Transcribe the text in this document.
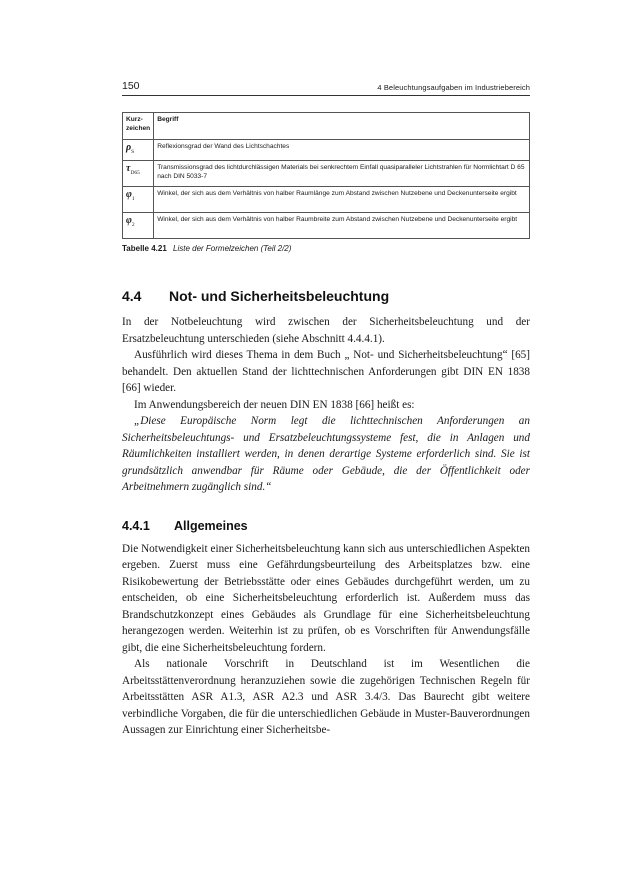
150	4 Beleuchtungsaufgaben im Industriebereich
Kurz-zeichen	Begriff
$\rho_S$	Reflexionsgrad der Wand des Lichtschachtes
$\tau_{D65}$	Transmissionsgrad des lichtdurchlässigen Materials bei senkrechtem Einfall quasiparalleler Lichtstrahlen für Normlichtart D 65 nach DIN 5033-7
$\varphi_1$	Winkel, der sich aus dem Verhältnis von halber Raumlänge zum Abstand zwischen Nutzebene und Deckenunterseite ergibt
$\varphi_2$	Winkel, der sich aus dem Verhältnis von halber Raumbreite zum Abstand zwischen Nutzebene und Deckenunterseite ergibt
Tabelle 4.21 Liste der Formelzeichen (Teil 2/2)
4.4	Not- und Sicherheitsbeleuchtung

In der Notbeleuchtung wird zwischen der Sicherheitsbeleuchtung und der Ersatzbeleuchtung unterschieden (siehe Abschnitt 4.4.4.1).

Ausführlich wird dieses Thema in dem Buch „ Not- und Sicherheitsbeleuchtung“ [65] behandelt. Den aktuellen Stand der lichttechnischen Anforderungen gibt DIN EN 1838 [66] wieder.

Im Anwendungsbereich der neuen DIN EN 1838 [66] heißt es:

„Diese Europäische Norm legt die lichttechnischen Anforderungen an Sicherheitsbeleuchtungs- und Ersatzbeleuchtungssysteme fest, die in Anlagen und Räumlichkeiten installiert werden, in denen derartige Systeme erforderlich sind. Sie ist grundsätzlich anwendbar für Räume oder Gebäude, die der Öffentlichkeit oder Arbeitnehmern zugänglich sind.“

4.4.1	Allgemeines

Die Notwendigkeit einer Sicherheitsbeleuchtung kann sich aus unterschiedlichen Aspekten ergeben. Zuerst muss eine Gefährdungsbeurteilung des Arbeitsplatzes bzw. eine Risikobewertung der Betriebsstätte oder eines Gebäudes durchgeführt werden, um zu entscheiden, ob eine Sicherheitsbeleuchtung erforderlich ist. Außerdem muss das Brandschutzkonzept eines Gebäudes als Grundlage für eine Sicherheitsbeleuchtung herangezogen werden. Weiterhin ist zu prüfen, ob es Vorschriften für Anwendungsfälle gibt, die eine Sicherheitsbeleuchtung fordern.

Als nationale Vorschrift in Deutschland ist im Wesentlichen die Arbeitsstättenverordnung heranzuziehen sowie die zugehörigen Technischen Regeln für Arbeitsstätten ASR A1.3, ASR A2.3 und ASR 3.4/3. Das Baurecht gibt weitere verbindliche Vorgaben, die für die unterschiedlichen Gebäude in Muster-Bauverordnungen Aussagen zur Einrichtung einer Sicherheitsbe-
